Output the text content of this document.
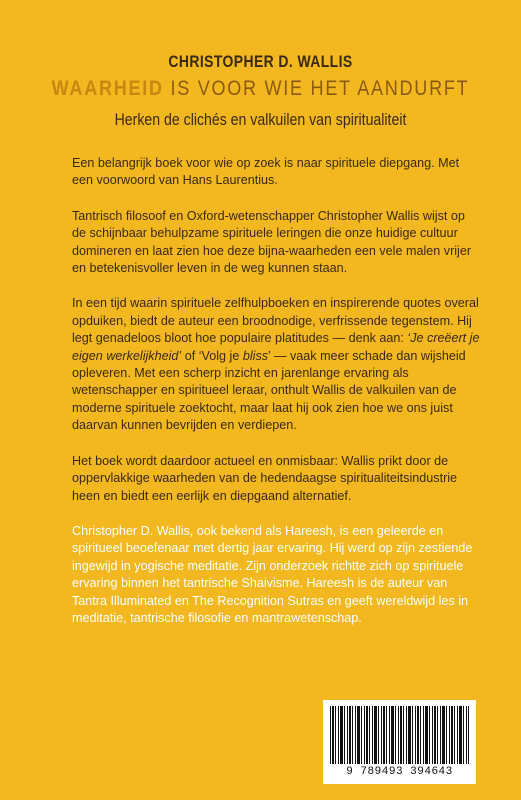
CHRISTOPHER D. WALLIS
WAARHEID IS VOOR WIE HET AANDURFT
Herken de clichés en valkuilen van spiritualiteit

Een belangrijk boek voor wie op zoek is naar spirituele diepgang. Met een voorwoord van Hans Laurentius.

Tantrisch filosoof en Oxford-wetenschapper Christopher Wallis wijst op de schijnbaar behulpzame spirituele leringen die onze huidige cultuur domineren en laat zien hoe deze bijna-waarheden een vele malen vrijer en betekenisvoller leven in de weg kunnen staan.

In een tijd waarin spirituele zelfhulpboeken en inspirerende quotes overal opduiken, biedt de auteur een broodnodige, verfrissende tegenstem. Hij legt genadeloos bloot hoe populaire platitudes — denk aan: ‘Je creëert je eigen werkelijkheid’ of ‘Volg je bliss’ — vaak meer schade dan wijsheid opleveren. Met een scherp inzicht en jarenlange ervaring als wetenschapper en spiritueel leraar, onthult Wallis de valkuilen van de moderne spirituele zoektocht, maar laat hij ook zien hoe we ons juist daarvan kunnen bevrijden en verdiepen.

Het boek wordt daardoor actueel en onmisbaar: Wallis prikt door de oppervlakkige waarheden van de hedendaagse spiritualiteitsindustrie heen en biedt een eerlijk en diepgaand alternatief.

Christopher D. Wallis, ook bekend als Hareesh, is een geleerde en spiritueel beoefenaar met dertig jaar ervaring. Hij werd op zijn zestiende ingewijd in yogische meditatie. Zijn onderzoek richtte zich op spirituele ervaring binnen het tantrische Shaivisme. Hareesh is de auteur van Tantra Illuminated en The Recognition Sutras en geeft wereldwijd les in meditatie, tantrische filosofie en mantrawetenschap.

9 789493 394643
